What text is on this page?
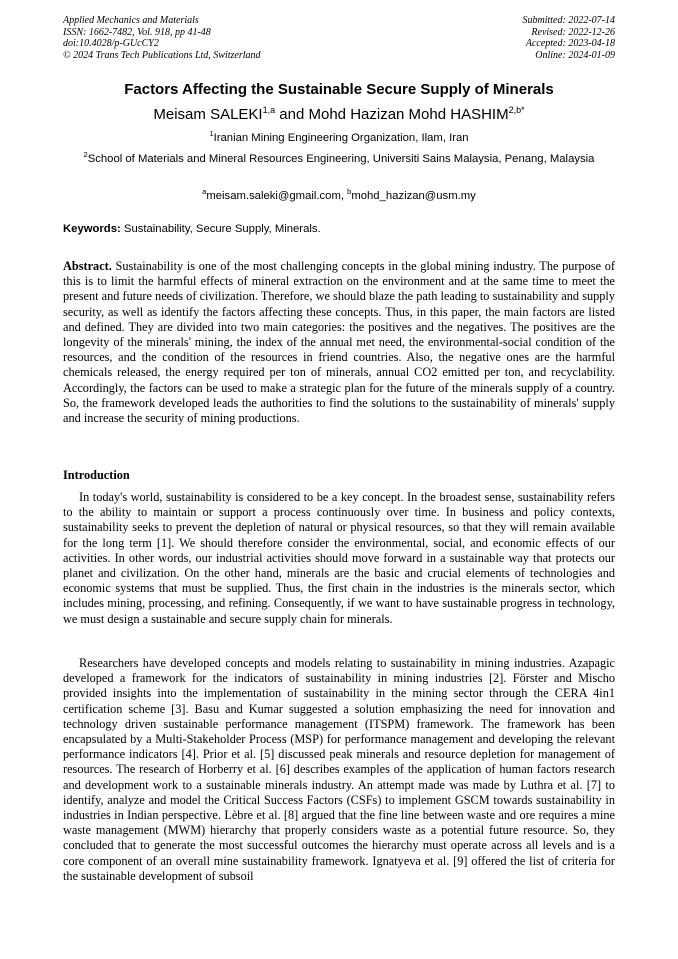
Applied Mechanics and Materials
ISSN: 1662-7482, Vol. 918, pp 41-48
doi:10.4028/p-GUcCY2
© 2024 Trans Tech Publications Ltd, Switzerland
Submitted: 2022-07-14
Revised: 2022-12-26
Accepted: 2023-04-18
Online: 2024-01-09
Factors Affecting the Sustainable Secure Supply of Minerals
Meisam SALEKI$^{1,a}$ and Mohd Hazizan Mohd $HASHIM^{2,b*}$
$^1$Iranian Mining Engineering Organization, Ilam, Iran
$^2$School of Materials and Mineral Resources Engineering, Universiti Sains Malaysia, Penang, Malaysia
$^a$meisam.saleki@gmail.com, $^b$mohd_hazizan@usm.my
Keywords: Sustainability, Secure Supply, Minerals.

Abstract. Sustainability is one of the most challenging concepts in the global mining industry. The purpose of this is to limit the harmful effects of mineral extraction on the environment and at the same time to meet the present and future needs of civilization. Therefore, we should blaze the path leading to sustainability and supply security, as well as identify the factors affecting these concepts. Thus, in this paper, the main factors are listed and defined. They are divided into two main categories: the positives and the negatives. The positives are the longevity of the minerals' mining, the index of the annual met need, the environmental-social condition of the resources, and the condition of the resources in friend countries. Also, the negative ones are the harmful chemicals released, the energy required per ton of minerals, annual CO2 emitted per ton, and recyclability. Accordingly, the factors can be used to make a strategic plan for the future of the minerals supply of a country. So, the framework developed leads the authorities to find the solutions to the sustainability of minerals' supply and increase the security of mining productions.

Introduction

In today's world, sustainability is considered to be a key concept. In the broadest sense, sustainability refers to the ability to maintain or support a process continuously over time. In business and policy contexts, sustainability seeks to prevent the depletion of natural or physical resources, so that they will remain available for the long term [1]. We should therefore consider the environmental, social, and economic effects of our activities. In other words, our industrial activities should move forward in a sustainable way that protects our planet and civilization. On the other hand, minerals are the basic and crucial elements of technologies and economic systems that must be supplied. Thus, the first chain in the industries is the minerals sector, which includes mining, processing, and refining. Consequently, if we want to have sustainable progress in technology, we must design a sustainable and secure supply chain for minerals.

Researchers have developed concepts and models relating to sustainability in mining industries. Azapagic developed a framework for the indicators of sustainability in mining industries [2]. Förster and Mischo provided insights into the implementation of sustainability in the mining sector through the CERA 4in1 certification scheme [3]. Basu and Kumar suggested a solution emphasizing the need for innovation and technology driven sustainable performance management (ITSPM) framework. The framework has been encapsulated by a Multi-Stakeholder Process (MSP) for performance management and developing the relevant performance indicators [4]. Prior et al. [5] discussed peak minerals and resource depletion for management of resources. The research of Horberry et al. [6] describes examples of the application of human factors research and development work to a sustainable minerals industry. An attempt made was made by Luthra et al. [7] to identify, analyze and model the Critical Success Factors (CSFs) to implement GSCM towards sustainability in industries in Indian perspective. Lèbre et al. [8] argued that the fine line between waste and ore requires a mine waste management (MWM) hierarchy that properly considers waste as a potential future resource. So, they concluded that to generate the most successful outcomes the hierarchy must operate across all levels and is a core component of an overall mine sustainability framework. Ignatyeva et al. [9] offered the list of criteria for the sustainable development of subsoil
